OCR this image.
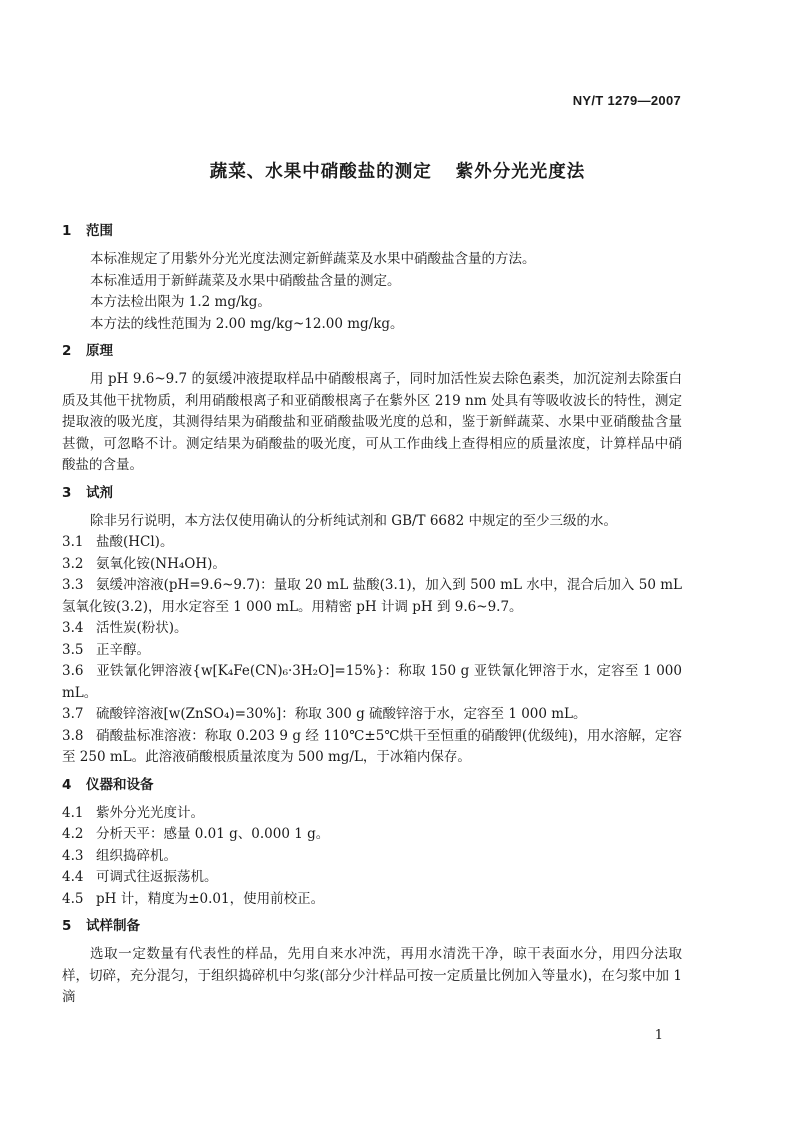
NY/T 1279—2007
蔬菜、水果中硝酸盐的测定 紫外分光光度法
1 范围

本标准规定了用紫外分光光度法测定新鲜蔬菜及水果中硝酸盐含量的方法。

本标准适用于新鲜蔬菜及水果中硝酸盐含量的测定。

本方法检出限为 1.2 mg/kg。

本方法的线性范围为 2.00 mg/kg~12.00 mg/kg。

2 原理

用 pH 9.6~9.7 的氨缓冲液提取样品中硝酸根离子，同时加活性炭去除色素类，加沉淀剂去除蛋白质及其他干扰物质，利用硝酸根离子和亚硝酸根离子在紫外区 219 nm 处具有等吸收波长的特性，测定提取液的吸光度，其测得结果为硝酸盐和亚硝酸盐吸光度的总和，鉴于新鲜蔬菜、水果中亚硝酸盐含量甚微，可忽略不计。测定结果为硝酸盐的吸光度，可从工作曲线上查得相应的质量浓度，计算样品中硝酸盐的含量。

3 试剂

除非另行说明，本方法仅使用确认的分析纯试剂和 GB/T 6682 中规定的至少三级的水。

3.1 盐酸(HCl)。

3.2 氨氧化铵(NH₄OH)。

3.3 氨缓冲溶液(pH=9.6~9.7)：量取 20 mL 盐酸(3.1)，加入到 500 mL 水中，混合后加入 50 mL 氢氧化铵(3.2)，用水定容至 1 000 mL。用精密 pH 计调 pH 到 9.6~9.7。

3.4 活性炭(粉状)。

3.5 正辛醇。

3.6 亚铁氰化钾溶液{w[K₄Fe(CN)₆·3H₂O]=15%}：称取 150 g 亚铁氰化钾溶于水，定容至 1 000 mL。

3.7 硫酸锌溶液[w(ZnSO₄)=30%]：称取 300 g 硫酸锌溶于水，定容至 1 000 mL。

3.8 硝酸盐标准溶液：称取 0.203 9 g 经 110℃±5℃烘干至恒重的硝酸钾(优级纯)，用水溶解，定容至 250 mL。此溶液硝酸根质量浓度为 500 mg/L，于冰箱内保存。

4 仪器和设备

4.1 紫外分光光度计。

4.2 分析天平：感量 0.01 g、0.000 1 g。

4.3 组织捣碎机。

4.4 可调式往返振荡机。

4.5 pH 计，精度为±0.01，使用前校正。

5 试样制备

选取一定数量有代表性的样品，先用自来水冲洗，再用水清洗干净，晾干表面水分，用四分法取样，切碎，充分混匀，于组织捣碎机中匀浆(部分少汁样品可按一定质量比例加入等量水)，在匀浆中加 1 滴

1
